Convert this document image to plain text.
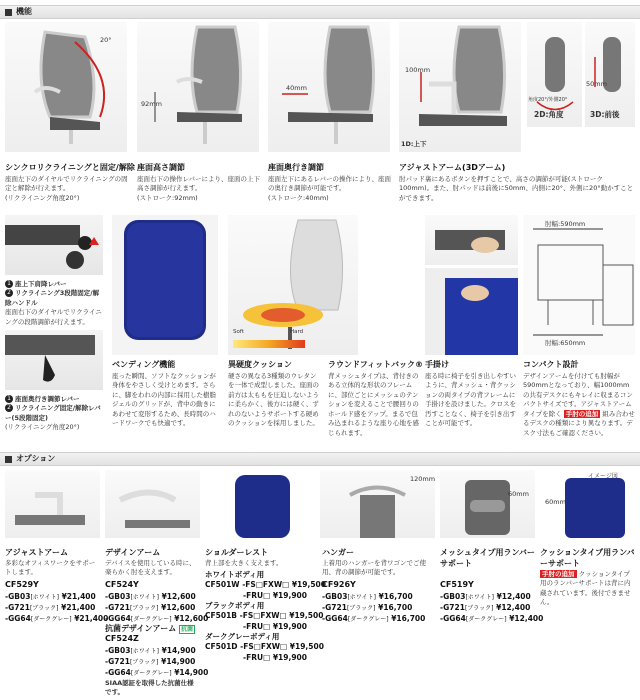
機能
20°
シンクロリクライニングと固定/解除
座面左下のダイヤルでリクライニングの固定と解除が行えます。
(リクライニング角度20°)
92mm
座面高さ調節
座面右下の操作レバーにより、座面の上下高さ調節が行えます。
(ストローク:92mm)
40mm
座面奥行き調節
座面左下にあるレバーの操作により、座面の奥行き調節が可能です。
(ストローク:40mm)
100mm
1D:上下
角度20°/外側20°
50mm
2D:角度	3D:前後
アジャストアーム(3Dアーム)
肘パッド裏にあるボタンを押すことで、高さの調節が可能(ストローク100mm)。また、肘パッドは前後に50mm、内側に20°、外側に20°動かすことができます。
1 座上下肩降レバー
2 リクライニング3段階固定/解除ハンドル
座面右下のダイヤルでリクライニングの段階調節が行えます。
1 座面奥行き調節レバー
2 リクライニング固定/解除レバー(5段階固定)
(リクライニング角度20°)
ベンディング機能
座った瞬間、ソフトなクッションが身体をやさしく受けとめます。さらに、脚をわれの内部に採用した樹脂ジェルのグリッドが、背中の動きにあわせて変形するため、長時間のハードワークでも快適です。
Soft	Hard
異硬度クッション
硬さの異なる3種類のウレタンを一体で成型しました。座面の前方は太ももを圧迫しないように柔らかく、後方には硬く、ずれのないようサポートする硬めのクッションを採用しました。
ラウンドフィットバック®
背メッシュタイプは、背付きのある立体的な形状のフレームに、部位ごとにメッシュのテンションを変えることで腰回りのホールド感をアップ。まるで包み込まれるような座り心地を感じられます。
手掛け
座る時に椅子を引き出しやすいように、背メッシュ・背クッションの両タイプの背フレームに手掛けを設けました。クロスを汚すことなく、椅子を引き出すことが可能です。
肘幅:590mm
肘幅:650mm
コンパクト設計
デザインアームを付けても肘幅が590mmとなっており、幅1000mmの共有デスクにもキレイに収まるコンパクトサイズです。アジャストアームタイプを除く 手肘の追加 組み合わせるデスクの種類により異なります。デスク寸法もご確認ください。
オプション
120mm
60mm
イメージ図
60mm
アジャストアーム
多彩なオフィスワークをサポートします。
CF529Y
-GB03[ホワイト] ¥21,400
-G721[ブラック] ¥21,400
-GG64[ダークグレー] ¥21,400
デザインアーム
デバイスを使用している時に、楽らかく肘を支えます。
CF524Y
-GB03[ホワイト] ¥12,600
-G721[ブラック] ¥12,600
-GG64[ダークグレー] ¥12,600
抗菌デザインアーム 抗菌
CF524Z
-GB03[ホワイト] ¥14,900
-G721[ブラック] ¥14,900
-GG64[ダークグレー] ¥14,900
SIAA認証を取得した抗菌仕様です。
ショルダーレスト
背上部を大きく支えます。
ホワイトボディ用
CF501W -FS□FXW□ ¥19,500
-FRU□ ¥19,900
ブラックボディ用
CF501B -FS□FXW□ ¥19,500
-FRU□ ¥19,900
ダークグレーボディ用
CF501D -FS□FXW□ ¥19,500
-FRU□ ¥19,900
ハンガー
上着用のハンガーを背ワゴンでご使用、背の調節が可能です。
CF926Y
-GB03[ホワイト] ¥16,700
-G721[ブラック] ¥16,700
-GG64[ダークグレー] ¥16,700
メッシュタイプ用ランバーサポート
CF519Y
-GB03[ホワイト] ¥12,400
-G721[ブラック] ¥12,400
-GG64[ダークグレー] ¥12,400
クッションタイプ用ランバーサポート
手肘の追加 クッションタイプ用のランバーサポートは背に内蔵されています。後付できません。
